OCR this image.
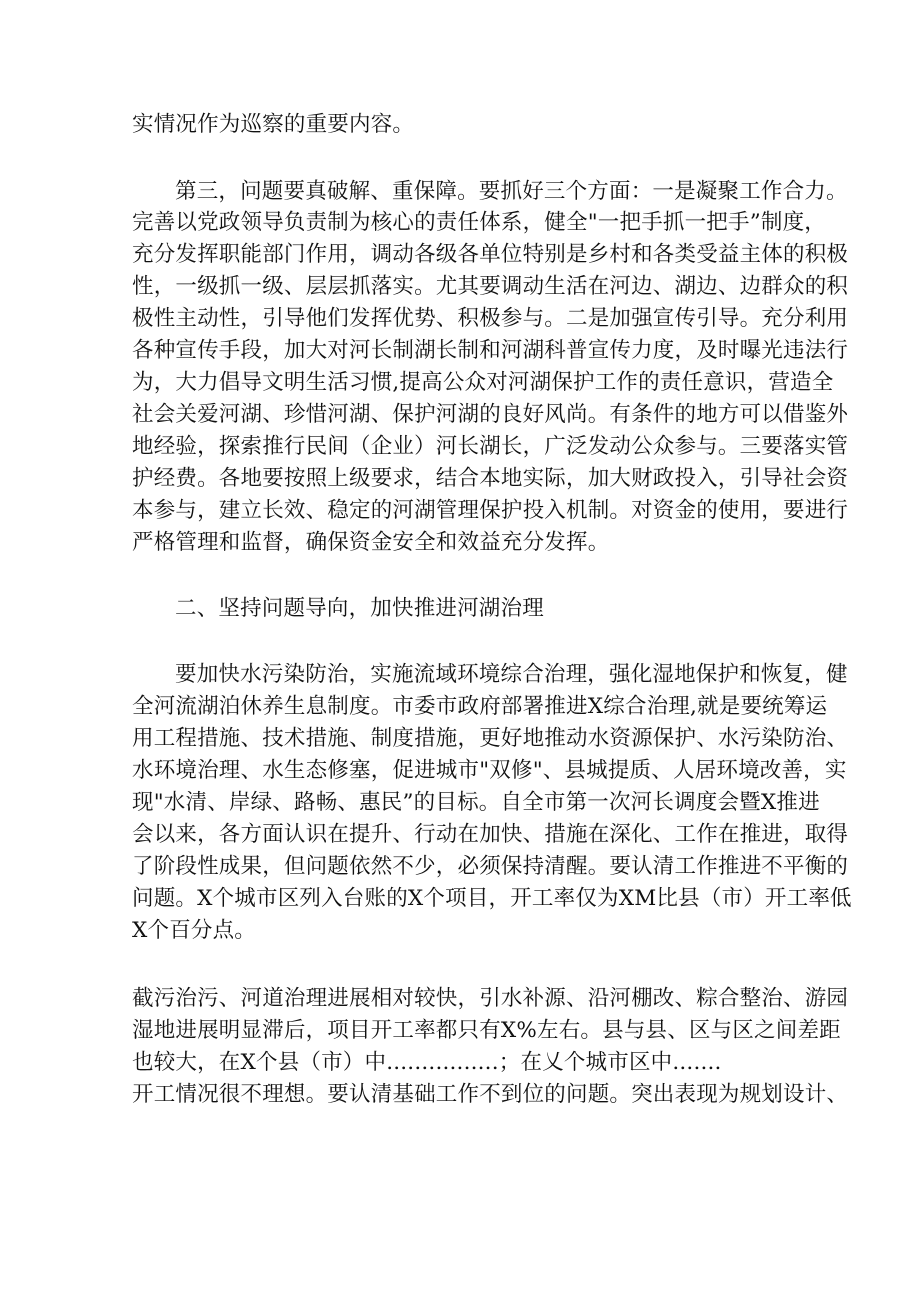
实情况作为巡察的重要内容。
第三，问题要真破解、重保障。要抓好三个方面：一是凝聚工作合力。
完善以党政领导负责制为核心的责任体系，健全"一把手抓一把手”制度，
充分发挥职能部门作用，调动各级各单位特别是乡村和各类受益主体的积极
性，一级抓一级、层层抓落实。尤其要调动生活在河边、湖边、边群众的积
极性主动性，引导他们发挥优势、积极参与。二是加强宣传引导。充分利用
各种宣传手段，加大对河长制湖长制和河湖科普宣传力度，及时曝光违法行
为，大力倡导文明生活习惯,提高公众对河湖保护工作的责任意识，营造全
社会关爱河湖、珍惜河湖、保护河湖的良好风尚。有条件的地方可以借鉴外
地经验，探索推行民间（企业）河长湖长，广泛发动公众参与。三要落实管
护经费。各地要按照上级要求，结合本地实际，加大财政投入，引导社会资
本参与，建立长效、稳定的河湖管理保护投入机制。对资金的使用，要进行
严格管理和监督，确保资金安全和效益充分发挥。
二、坚持问题导向，加快推进河湖治理
要加快水污染防治，实施流域环境综合治理，强化湿地保护和恢复，健
全河流湖泊休养生息制度。市委市政府部署推进X综合治理,就是要统筹运
用工程措施、技术措施、制度措施，更好地推动水资源保护、水污染防治、
水环境治理、水生态修塞，促进城市"双修"、县城提质、人居环境改善，实
现"水清、岸绿、路畅、惠民”的目标。自全市第一次河长调度会暨X推进
会以来，各方面认识在提升、行动在加快、措施在深化、工作在推进，取得
了阶段性成果，但问题依然不少，必须保持清醒。要认清工作推进不平衡的
问题。X个城市区列入台账的X个项目，开工率仅为XM比县（市）开工率低
X个百分点。
截污治污、河道治理进展相对较快，引水补源、沿河棚改、粽合整治、游园
湿地进展明显滞后，项目开工率都只有X%左右。县与县、区与区之间差距
也较大，在X个县（市）中................；在乂个城市区中.......
开工情况很不理想。要认清基础工作不到位的问题。突出表现为规划设计、
